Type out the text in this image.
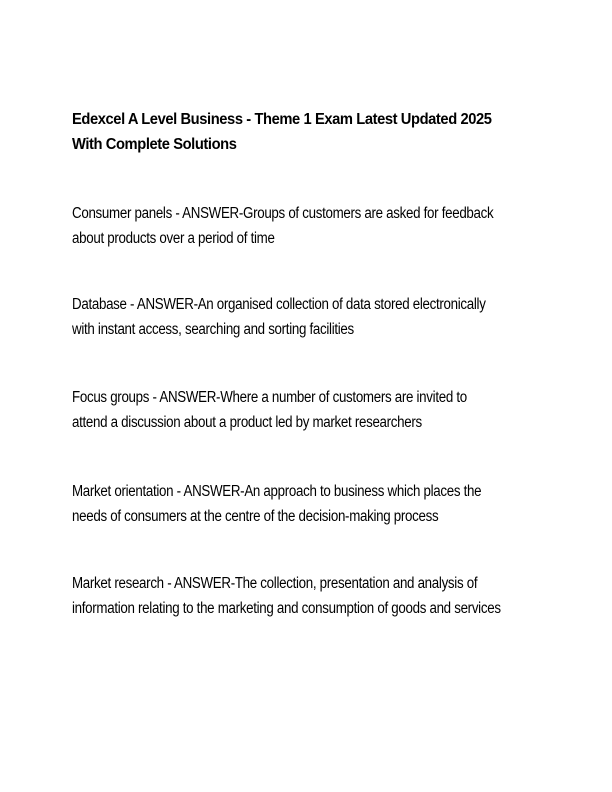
Edexcel A Level Business - Theme 1 Exam Latest Updated 2025 With Complete Solutions

Consumer panels - ANSWER-Groups of customers are asked for feedback about products over a period of time

Database - ANSWER-An organised collection of data stored electronically with instant access, searching and sorting facilities

Focus groups - ANSWER-Where a number of customers are invited to attend a discussion about a product led by market researchers

Market orientation - ANSWER-An approach to business which places the needs of consumers at the centre of the decision-making process

Market research - ANSWER-The collection, presentation and analysis of information relating to the marketing and consumption of goods and services
